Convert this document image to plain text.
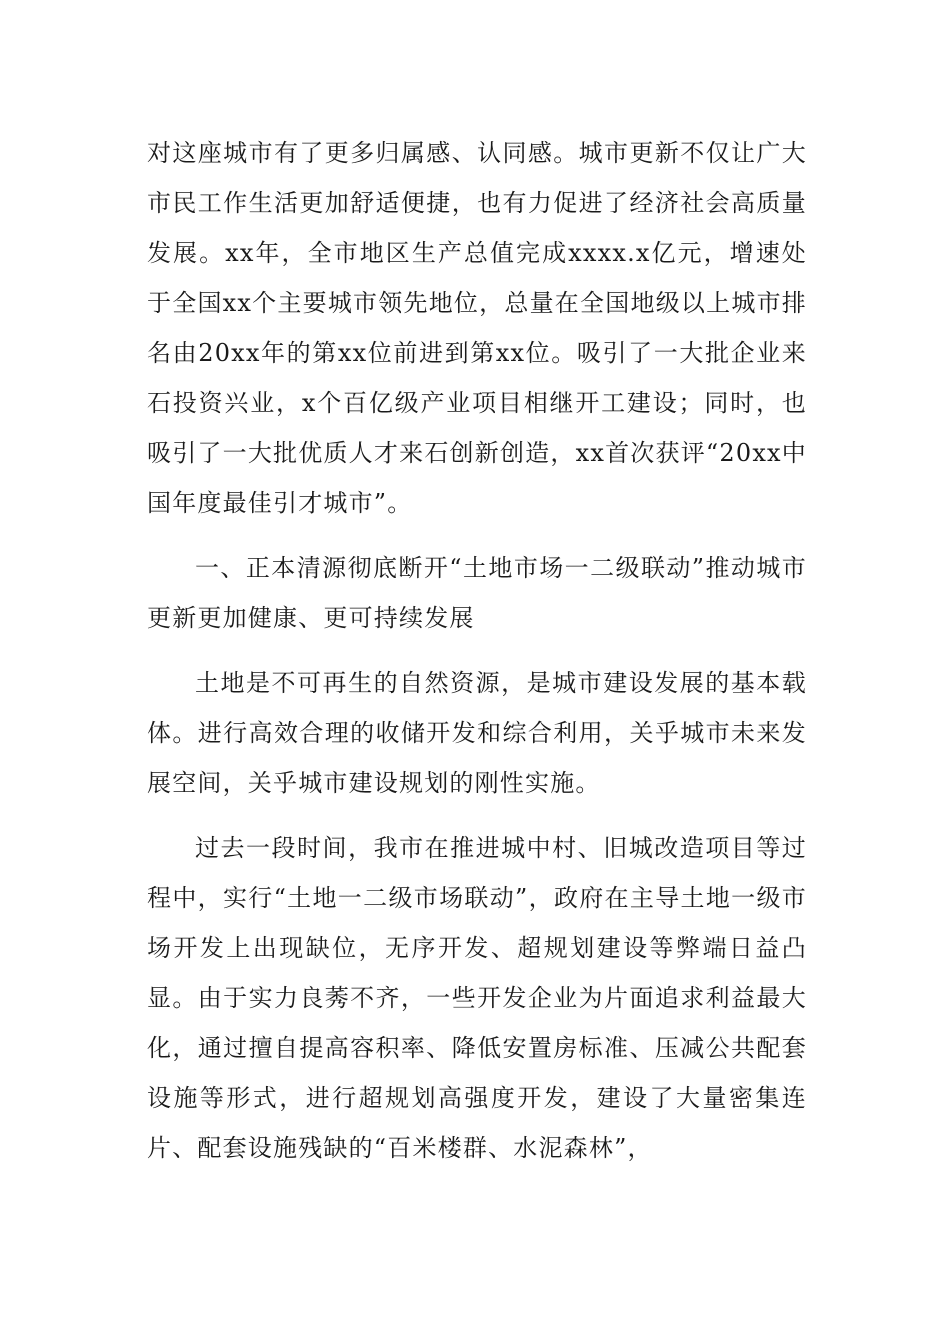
对这座城市有了更多归属感、认同感。城市更新不仅让广大市民工作生活更加舒适便捷，也有力促进了经济社会高质量发展。xx年，全市地区生产总值完成xxxx.x亿元，增速处于全国xx个主要城市领先地位，总量在全国地级以上城市排名由20xx年的第xx位前进到第xx位。吸引了一大批企业来石投资兴业，x个百亿级产业项目相继开工建设；同时，也吸引了一大批优质人才来石创新创造，xx首次获评“20xx中国年度最佳引才城市”。

一、正本清源彻底断开“土地市场一二级联动”推动城市更新更加健康、更可持续发展

土地是不可再生的自然资源，是城市建设发展的基本载体。进行高效合理的收储开发和综合利用，关乎城市未来发展空间，关乎城市建设规划的刚性实施。

过去一段时间，我市在推进城中村、旧城改造项目等过程中，实行“土地一二级市场联动”，政府在主导土地一级市场开发上出现缺位，无序开发、超规划建设等弊端日益凸显。由于实力良莠不齐，一些开发企业为片面追求利益最大化，通过擅自提高容积率、降低安置房标准、压减公共配套设施等形式，进行超规划高强度开发，建设了大量密集连片、配套设施残缺的“百米楼群、水泥森林”，
